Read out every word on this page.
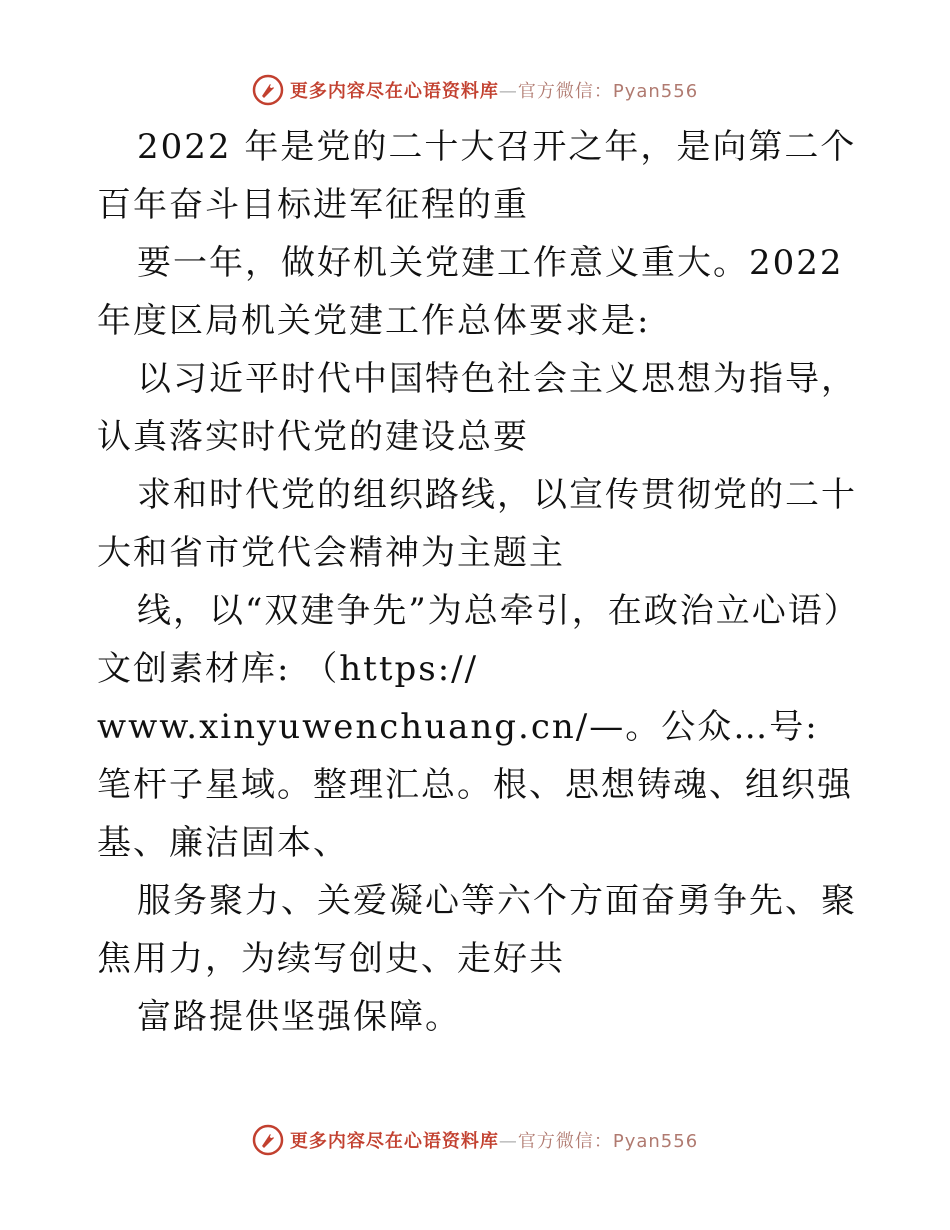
更多内容尽在心语资料库—官方微信：Pyan556

2022 年是党的二十大召开之年，是向第二个百年奋斗目标进军征程的重

要一年，做好机关党建工作意义重大。2022 年度区局机关党建工作总体要求是:

以习近平时代中国特色社会主义思想为指导，认真落实时代党的建设总要

求和时代党的组织路线，以宣传贯彻党的二十大和省市党代会精神为主题主

线，以“双建争先”为总牵引，在政治立心语）文创素材库: （https://

www.xinyuwenchuang.cn/—。公众…号: 笔杆子星域。整理汇总。根、思想铸魂、组织强基、廉洁固本、

服务聚力、关爱凝心等六个方面奋勇争先、聚焦用力，为续写创史、走好共

富路提供坚强保障。

更多内容尽在心语资料库—官方微信：Pyan556
